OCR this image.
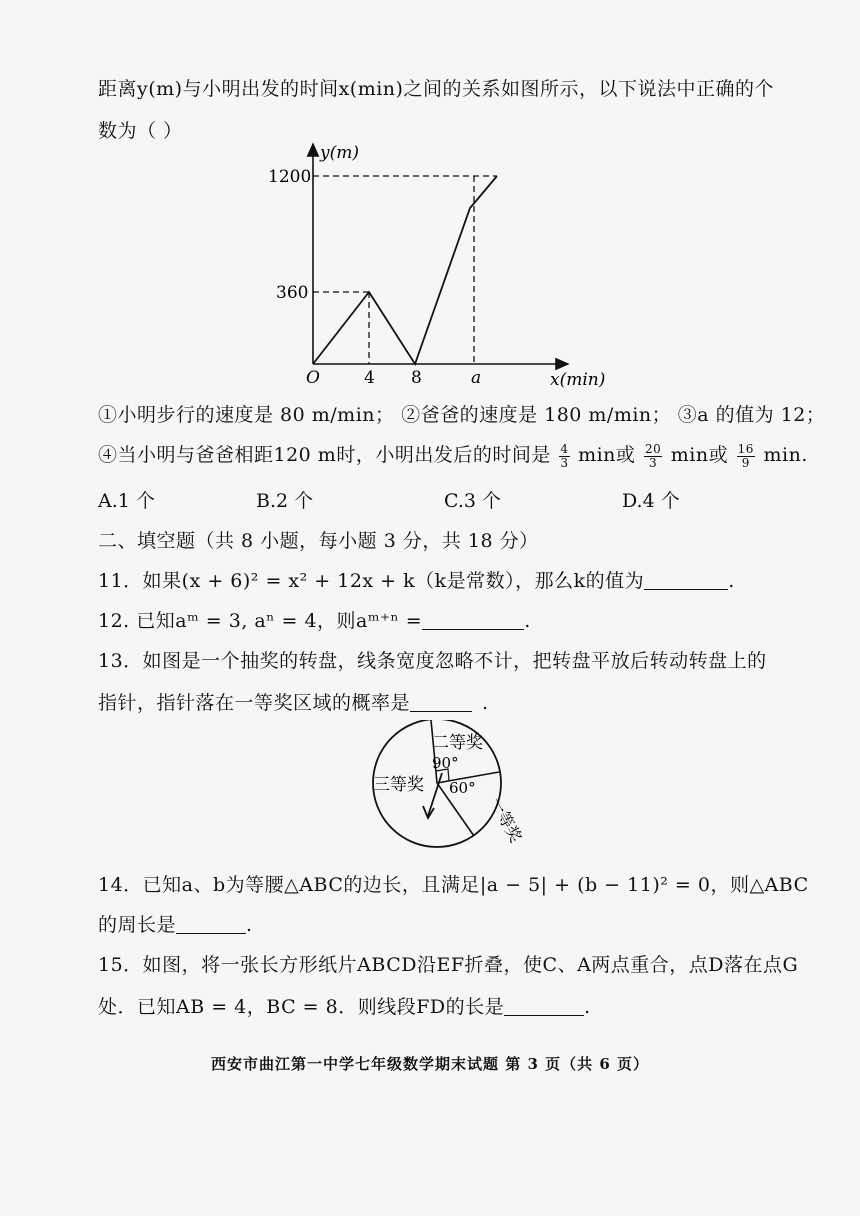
距离y(m)与小明出发的时间x(min)之间的关系如图所示，以下说法中正确的个
数为（ ）
y(m)
x(min)
O
1200
360
4 8	a
①小明步行的速度是 80 m/min； ②爸爸的速度是 180 m/min； ③a 的值为 12；
④当小明与爸爸相距120 m时，小明出发后的时间是 $\frac{4}{3}$ min或 $\frac{20}{3}$ min或 $\frac{16}{9} \min$.
A.1 个	B.2 个	C.3 个	D.4 个
二、填空题（共 8 小题，每小题 3 分，共 18 分）
11．如果(x + 6)² = x² + 12x + k（k是常数），那么k的值为	.
12. 已知aᵐ = 3, aⁿ = 4，则aᵐ⁺ⁿ =	.
13．如图是一个抽奖的转盘，线条宽度忽略不计，把转盘平放后转动转盘上的
指针，指针落在一等奖区域的概率是	.
二等奖
90°
三等奖 60°
一等奖
14．已知a、b为等腰△ABC的边长，且满足|a − 5| + (b − 11)² = 0，则△ABC
的周长是	.
15．如图，将一张长方形纸片ABCD沿EF折叠，使C、A两点重合，点D落在点G
处．已知AB = 4，BC = 8．则线段FD的长是	.
西安市曲江第一中学七年级数学期末试题 第 3 页（共 6 页）
